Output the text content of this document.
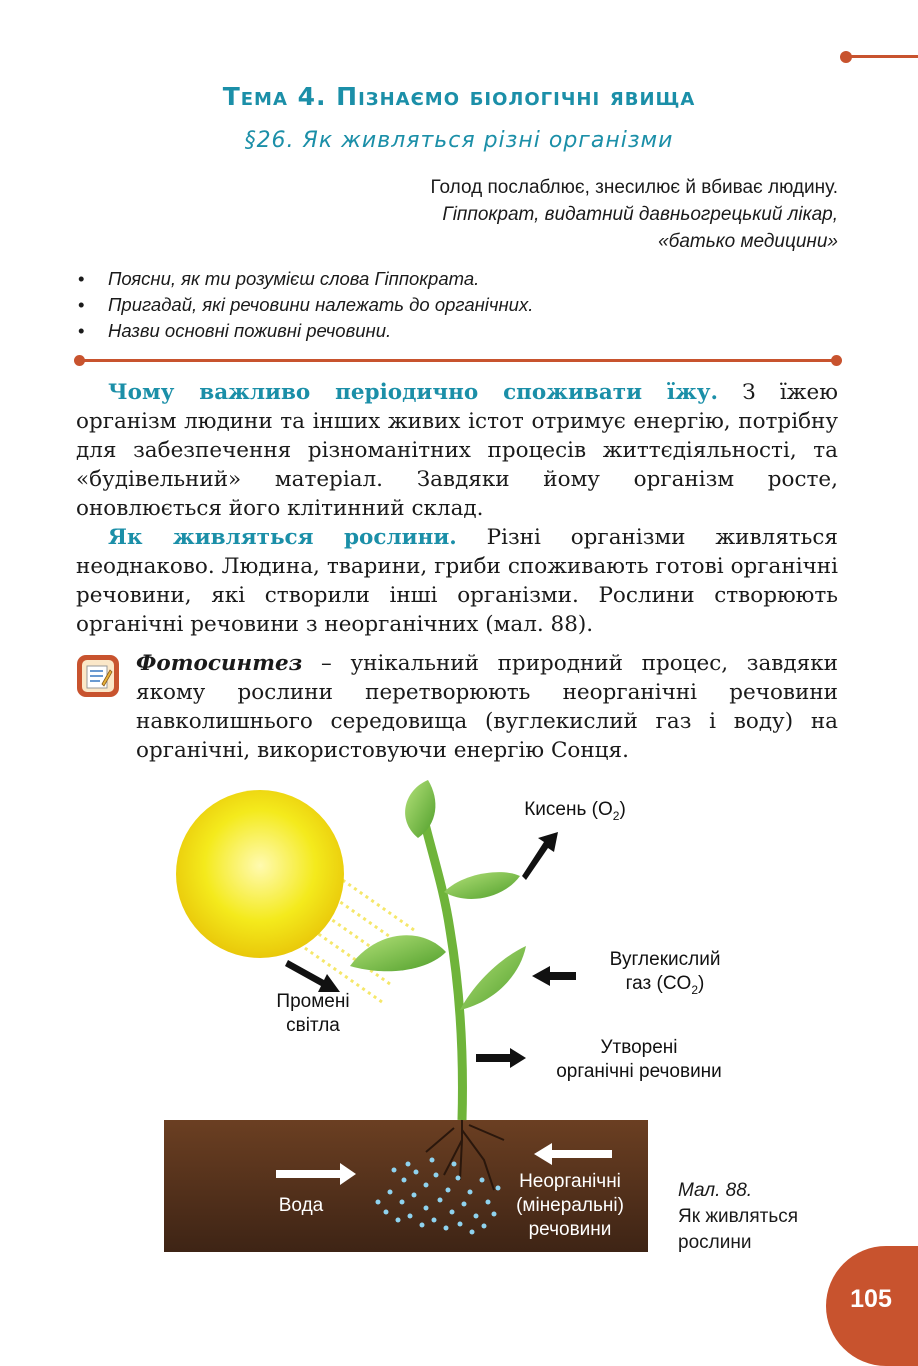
Тема 4. Пізнаємо біологічні явища
§26. Як живляться різні організми
Голод послаблює, знесилює й вбиває людину.
Гіппократ, видатний давньогрецький лікар,
«батько медицини»
• Поясни, як ти розумієш слова Гіппократа.
• Пригадай, які речовини належать до органічних.
• Назви основні поживні речовини.

Чому важливо періодично споживати їжу. З їжею організм людини та інших живих істот отримує енергію, потрібну для забезпечення різноманітних процесів життєдіяльності, та «будівельний» матеріал. Завдяки йому організм росте, оновлюється його клітинний склад.

Як живляться рослини. Різні організми живляться неоднаково. Людина, тварини, гриби споживають готові органічні речовини, які створили інші організми. Рослини створюють органічні речовини з неорганічних (мал. 88).

Фотосинтез – унікальний природний процес, завдяки якому рослини перетворюють неорганічні речовини навколишнього середовища (вуглекислий газ і воду) на органічні, використовуючи енергію Сонця.

Кисень $(O_2)$
Вуглекислий
газ $(CO_2)$
Промені
світла
Утворені
органічні речовини
Вода
Неорганічні
(мінеральні)
речовини
Мал. 88.
Як живляться
рослини
105
